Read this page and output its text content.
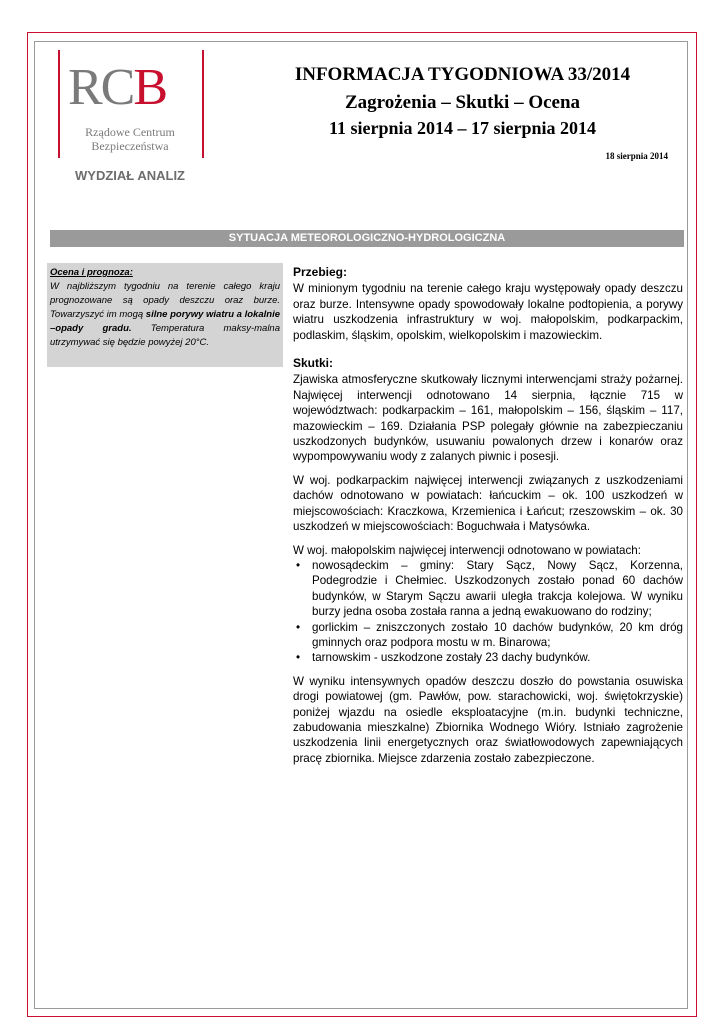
RCB
Rządowe Centrum
Bezpieczeństwa
WYDZIAŁ ANALIZ
INFORMACJA TYGODNIOWA 33/2014
Zagrożenia – Skutki – Ocena
11 sierpnia 2014 – 17 sierpnia 2014
18 sierpnia 2014
SYTUACJA METEOROLOGICZNO-HYDROLOGICZNA
Ocena i prognoza:

W najbliższym tygodniu na terenie całego kraju prognozowane są opady deszczu oraz burze. Towarzyszyć im mogą silne porywy wiatru a lokalnie –opady gradu. Temperatura maksy-malna utrzymywać się będzie powyżej 20°C.

Przebieg:

W minionym tygodniu na terenie całego kraju występowały opady deszczu oraz burze. Intensywne opady spowodowały lokalne podtopienia, a porywy wiatru uszkodzenia infrastruktury w woj. małopolskim, podkarpackim, podlaskim, śląskim, opolskim, wielkopolskim i mazowieckim.

Skutki:

Zjawiska atmosferyczne skutkowały licznymi interwencjami straży pożarnej. Najwięcej interwencji odnotowano 14 sierpnia, łącznie 715 w województwach: podkarpackim – 161, małopolskim – 156, śląskim – 117, mazowieckim – 169. Działania PSP polegały głównie na zabezpieczaniu uszkodzonych budynków, usuwaniu powalonych drzew i konarów oraz wypompowywaniu wody z zalanych piwnic i posesji.

W woj. podkarpackim najwięcej interwencji związanych z uszkodzeniami dachów odnotowano w powiatach: łańcuckim – ok. 100 uszkodzeń w miejscowościach: Kraczkowa, Krzemienica i Łańcut; rzeszowskim – ok. 30 uszkodzeń w miejscowościach: Boguchwała i Matysówka.

W woj. małopolskim najwięcej interwencji odnotowano w powiatach:

• nowosądeckim – gminy: Stary Sącz, Nowy Sącz, Korzenna, Podegrodzie i Chełmiec. Uszkodzonych zostało ponad 60 dachów budynków, w Starym Sączu awarii uległa trakcja kolejowa. W wyniku burzy jedna osoba została ranna a jedną ewakuowano do rodziny;
• gorlickim – zniszczonych zostało 10 dachów budynków, 20 km dróg gminnych oraz podpora mostu w m. Binarowa;
• tarnowskim - uszkodzone zostały 23 dachy budynków.

W wyniku intensywnych opadów deszczu doszło do powstania osuwiska drogi powiatowej (gm. Pawłów, pow. starachowicki, woj. świętokrzyskie) poniżej wjazdu na osiedle eksploatacyjne (m.in. budynki techniczne, zabudowania mieszkalne) Zbiornika Wodnego Wióry. Istniało zagrożenie uszkodzenia linii energetycznych oraz światłowodowych zapewniających pracę zbiornika. Miejsce zdarzenia zostało zabezpieczone.
